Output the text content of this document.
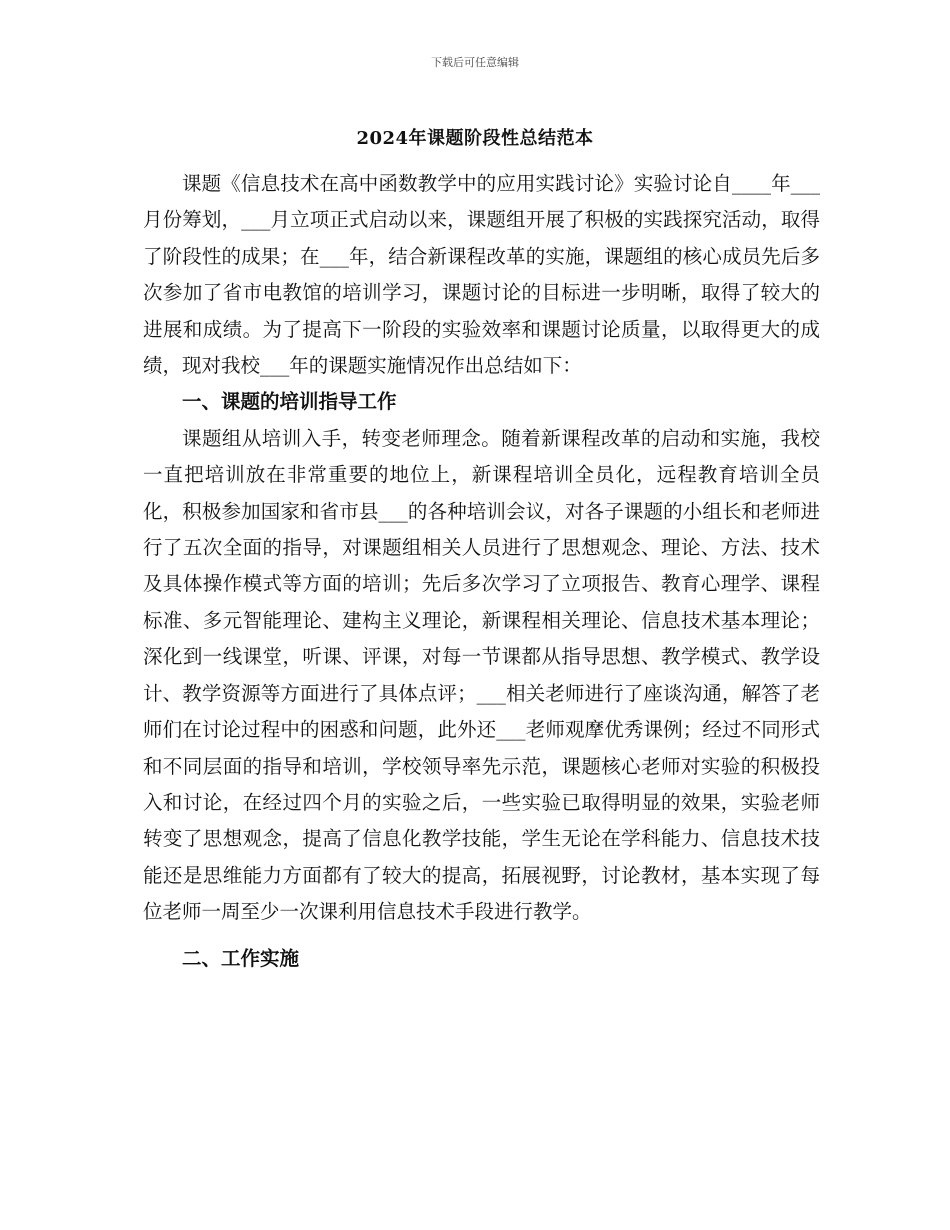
下载后可任意编辑
2024年课题阶段性总结范本

课题《信息技术在高中函数教学中的应用实践讨论》实验讨论自____年___月份筹划，___月立项正式启动以来，课题组开展了积极的实践探究活动，取得了阶段性的成果；在___年，结合新课程改革的实施，课题组的核心成员先后多次参加了省市电教馆的培训学习，课题讨论的目标进一步明晰，取得了较大的进展和成绩。为了提高下一阶段的实验效率和课题讨论质量，以取得更大的成绩，现对我校___年的课题实施情况作出总结如下：

一、课题的培训指导工作

课题组从培训入手，转变老师理念。随着新课程改革的启动和实施，我校一直把培训放在非常重要的地位上，新课程培训全员化，远程教育培训全员化，积极参加国家和省市县___的各种培训会议，对各子课题的小组长和老师进行了五次全面的指导，对课题组相关人员进行了思想观念、理论、方法、技术及具体操作模式等方面的培训；先后多次学习了立项报告、教育心理学、课程标准、多元智能理论、建构主义理论，新课程相关理论、信息技术基本理论；深化到一线课堂，听课、评课，对每一节课都从指导思想、教学模式、教学设计、教学资源等方面进行了具体点评；___相关老师进行了座谈沟通，解答了老师们在讨论过程中的困惑和问题，此外还___老师观摩优秀课例；经过不同形式和不同层面的指导和培训，学校领导率先示范，课题核心老师对实验的积极投入和讨论，在经过四个月的实验之后，一些实验已取得明显的效果，实验老师转变了思想观念，提高了信息化教学技能，学生无论在学科能力、信息技术技能还是思维能力方面都有了较大的提高，拓展视野，讨论教材，基本实现了每位老师一周至少一次课利用信息技术手段进行教学。

二、工作实施
